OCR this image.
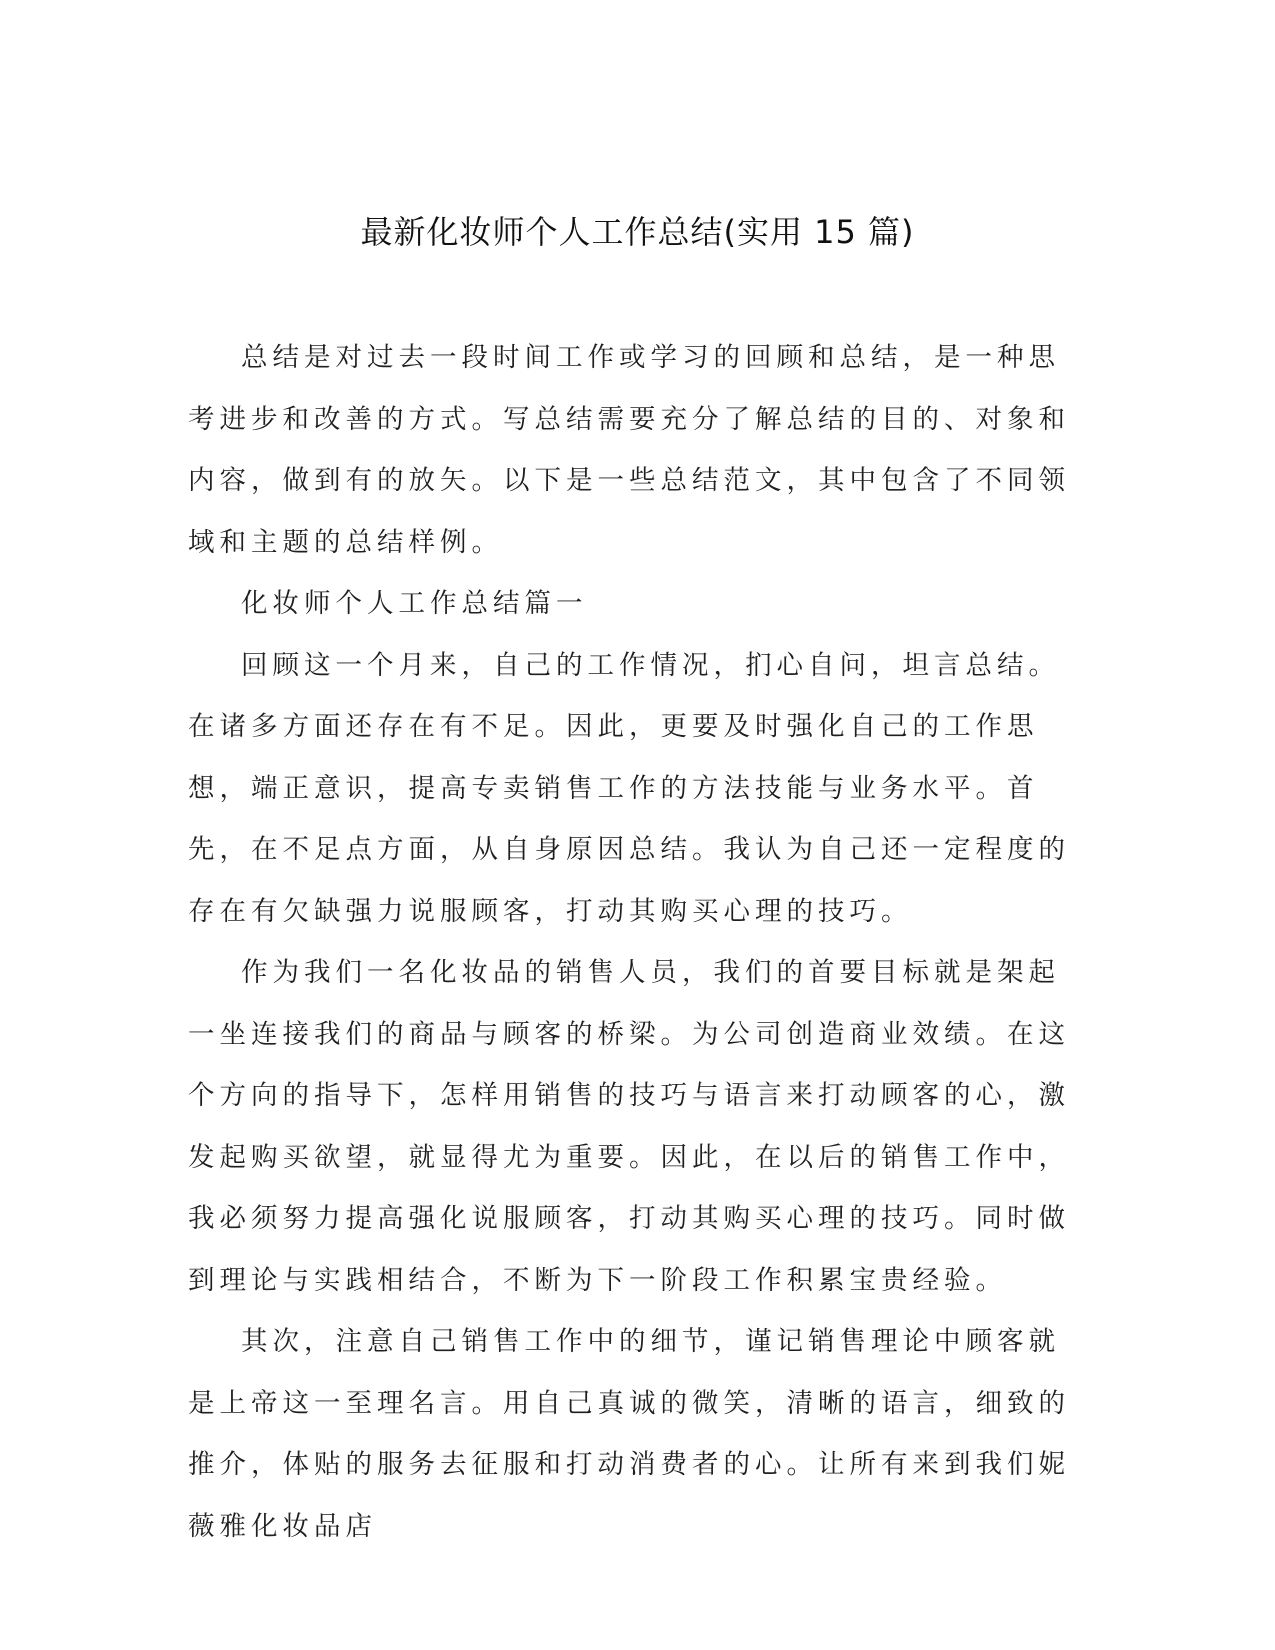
最新化妆师个人工作总结(实用 15 篇)

总结是对过去一段时间工作或学习的回顾和总结，是一种思考进步和改善的方式。写总结需要充分了解总结的目的、对象和内容，做到有的放矢。以下是一些总结范文，其中包含了不同领域和主题的总结样例。

化妆师个人工作总结篇一

回顾这一个月来，自己的工作情况，扪心自问，坦言总结。在诸多方面还存在有不足。因此，更要及时强化自己的工作思想，端正意识，提高专卖销售工作的方法技能与业务水平。首先，在不足点方面，从自身原因总结。我认为自己还一定程度的存在有欠缺强力说服顾客，打动其购买心理的技巧。

作为我们一名化妆品的销售人员，我们的首要目标就是架起一坐连接我们的商品与顾客的桥梁。为公司创造商业效绩。在这个方向的指导下，怎样用销售的技巧与语言来打动顾客的心，激发起购买欲望，就显得尤为重要。因此，在以后的销售工作中，我必须努力提高强化说服顾客，打动其购买心理的技巧。同时做到理论与实践相结合，不断为下一阶段工作积累宝贵经验。

其次，注意自己销售工作中的细节，谨记销售理论中顾客就是上帝这一至理名言。用自己真诚的微笑，清晰的语言，细致的推介，体贴的服务去征服和打动消费者的心。让所有来到我们妮薇雅化妆品店
